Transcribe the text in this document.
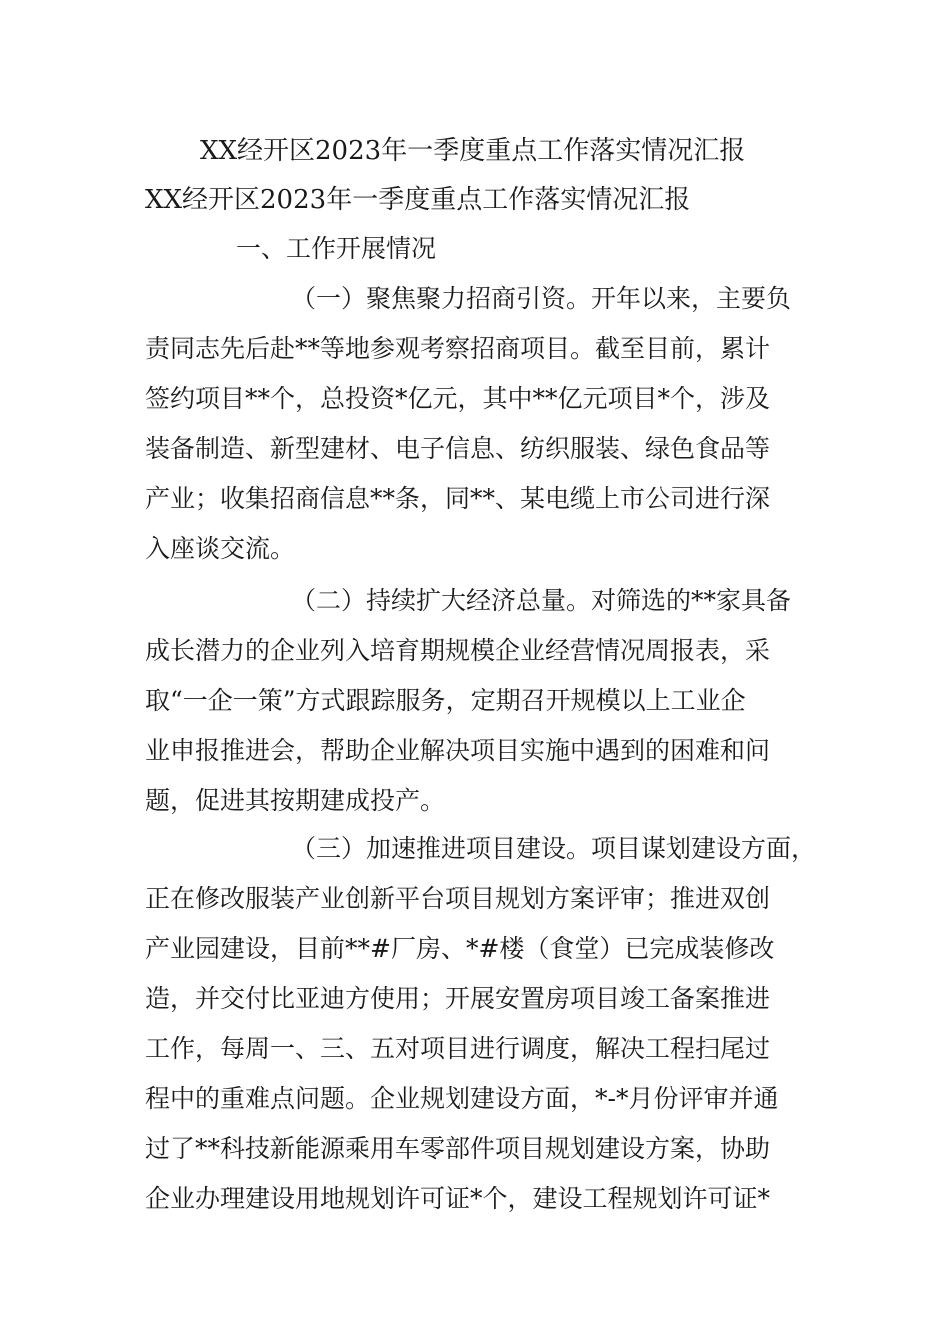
XX经开区2023年一季度重点工作落实情况汇报
XX经开区2023年一季度重点工作落实情况汇报
一、工作开展情况
（一）聚焦聚力招商引资。开年以来，主要负
责同志先后赴**等地参观考察招商项目。截至目前，累计
签约项目**个，总投资*亿元，其中**亿元项目*个，涉及
装备制造、新型建材、电子信息、纺织服装、绿色食品等
产业；收集招商信息**条，同**、某电缆上市公司进行深
入座谈交流。
（二）持续扩大经济总量。对筛选的**家具备
成长潜力的企业列入培育期规模企业经营情况周报表，采
取“一企一策”方式跟踪服务，定期召开规模以上工业企
业申报推进会，帮助企业解决项目实施中遇到的困难和问
题，促进其按期建成投产。
（三）加速推进项目建设。项目谋划建设方面，
正在修改服装产业创新平台项目规划方案评审；推进双创
产业园建设，目前**#厂房、*#楼（食堂）已完成装修改
造，并交付比亚迪方使用；开展安置房项目竣工备案推进
工作，每周一、三、五对项目进行调度，解决工程扫尾过
程中的重难点问题。企业规划建设方面，*-*月份评审并通
过了**科技新能源乘用车零部件项目规划建设方案，协助
企业办理建设用地规划许可证*个，建设工程规划许可证*
